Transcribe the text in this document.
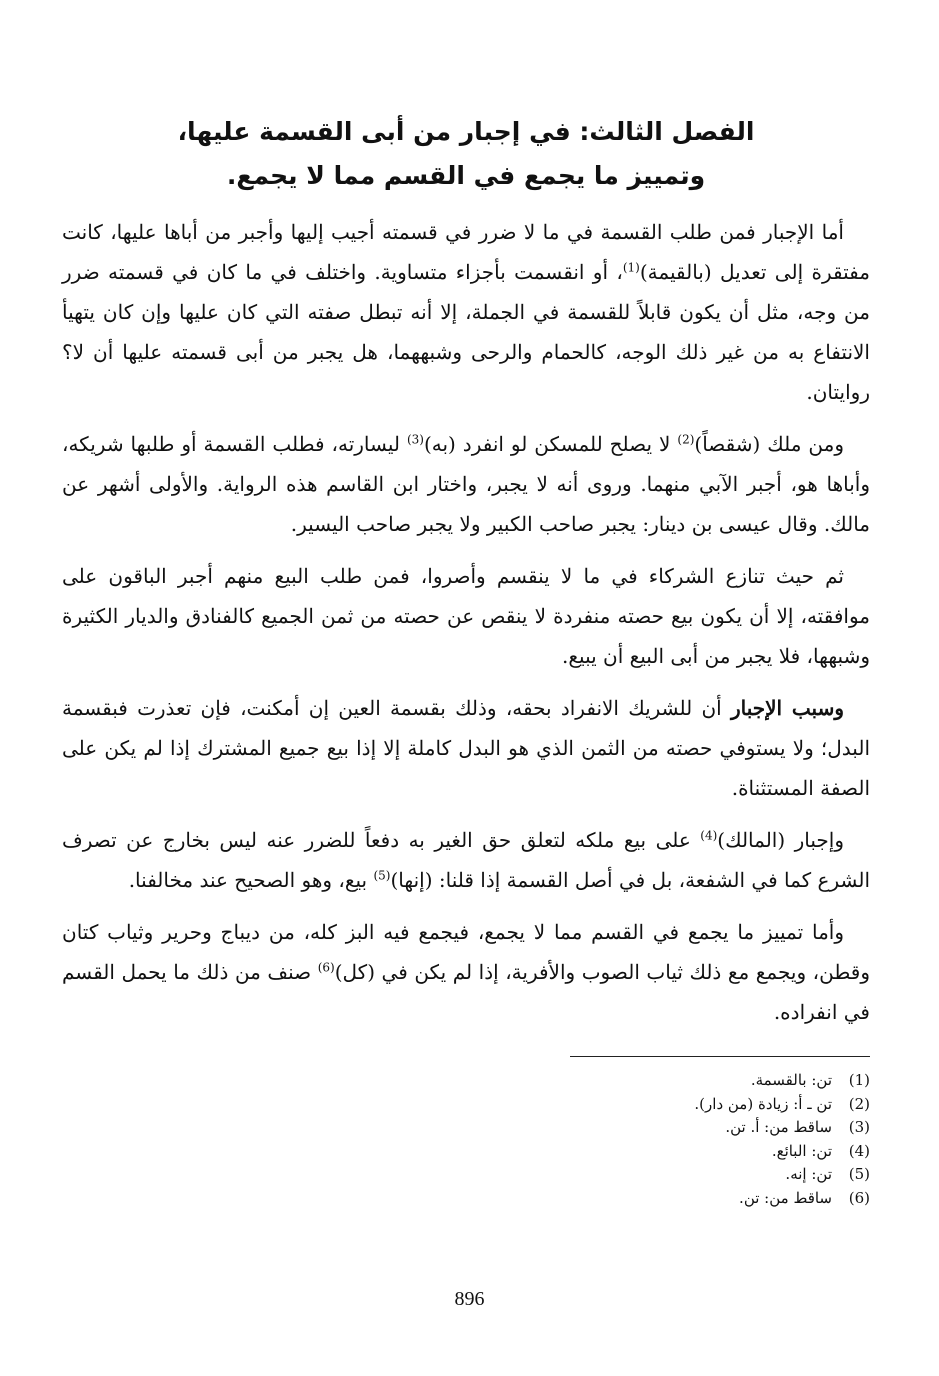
الفصل الثالث: في إجبار من أبى القسمة عليها،
وتمييز ما يجمع في القسم مما لا يجمع.

أما الإجبار فمن طلب القسمة في ما لا ضرر في قسمته أجيب إليها وأجبر من أباها عليها، كانت مفتقرة إلى تعديل (بالقيمة)$^{(1)}$، أو انقسمت بأجزاء متساوية. واختلف في ما كان في قسمته ضرر من وجه، مثل أن يكون قابلاً للقسمة في الجملة، إلا أنه تبطل صفته التي كان عليها وإن كان يتهيأ الانتفاع به من غير ذلك الوجه، كالحمام والرحى وشبههما، هل يجبر من أبى قسمته عليها أن لا؟ روايتان.

ومن ملك (شقصاً)$^{(2)}$ لا يصلح للمسكن لو انفرد (به)$^{(3)}$ ليسارته، فطلب القسمة أو طلبها شريكه، وأباها هو، أجبر الآبي منهما. وروى أنه لا يجبر، واختار ابن القاسم هذه الرواية. والأولى أشهر عن مالك. وقال عيسى بن دينار: يجبر صاحب الكبير ولا يجبر صاحب اليسير.

ثم حيث تنازع الشركاء في ما لا ينقسم وأصروا، فمن طلب البيع منهم أجبر الباقون على موافقته، إلا أن يكون بيع حصته منفردة لا ينقص عن حصته من ثمن الجميع كالفنادق والديار الكثيرة وشبهها، فلا يجبر من أبى البيع أن يبيع.

وسبب الإجبار أن للشريك الانفراد بحقه، وذلك بقسمة العين إن أمكنت، فإن تعذرت فبقسمة البدل؛ ولا يستوفي حصته من الثمن الذي هو البدل كاملة إلا إذا بيع جميع المشترك إذا لم يكن على الصفة المستثناة.

وإجبار (المالك)$^{(4)}$ على بيع ملكه لتعلق حق الغير به دفعاً للضرر عنه ليس بخارج عن تصرف الشرع كما في الشفعة، بل في أصل القسمة إذا قلنا: (إنها)$^{(5)}$ بيع، وهو الصحيح عند مخالفنا.

وأما تمييز ما يجمع في القسم مما لا يجمع، فيجمع فيه البز كله، من ديباج وحرير وثياب كتان وقطن، ويجمع مع ذلك ثياب الصوب والأفرية، إذا لم يكن في (كل)$^{(6)}$ صنف من ذلك ما يحمل القسم في انفراده.

(1)
تن: بالقسمة.
(2)
تن ـ أ: زيادة (من دار).
(3)
ساقط من: أ. تن.
(4)
تن: البائع.
(5)
تن: إنه.
(6)
ساقط من: تن.
896
